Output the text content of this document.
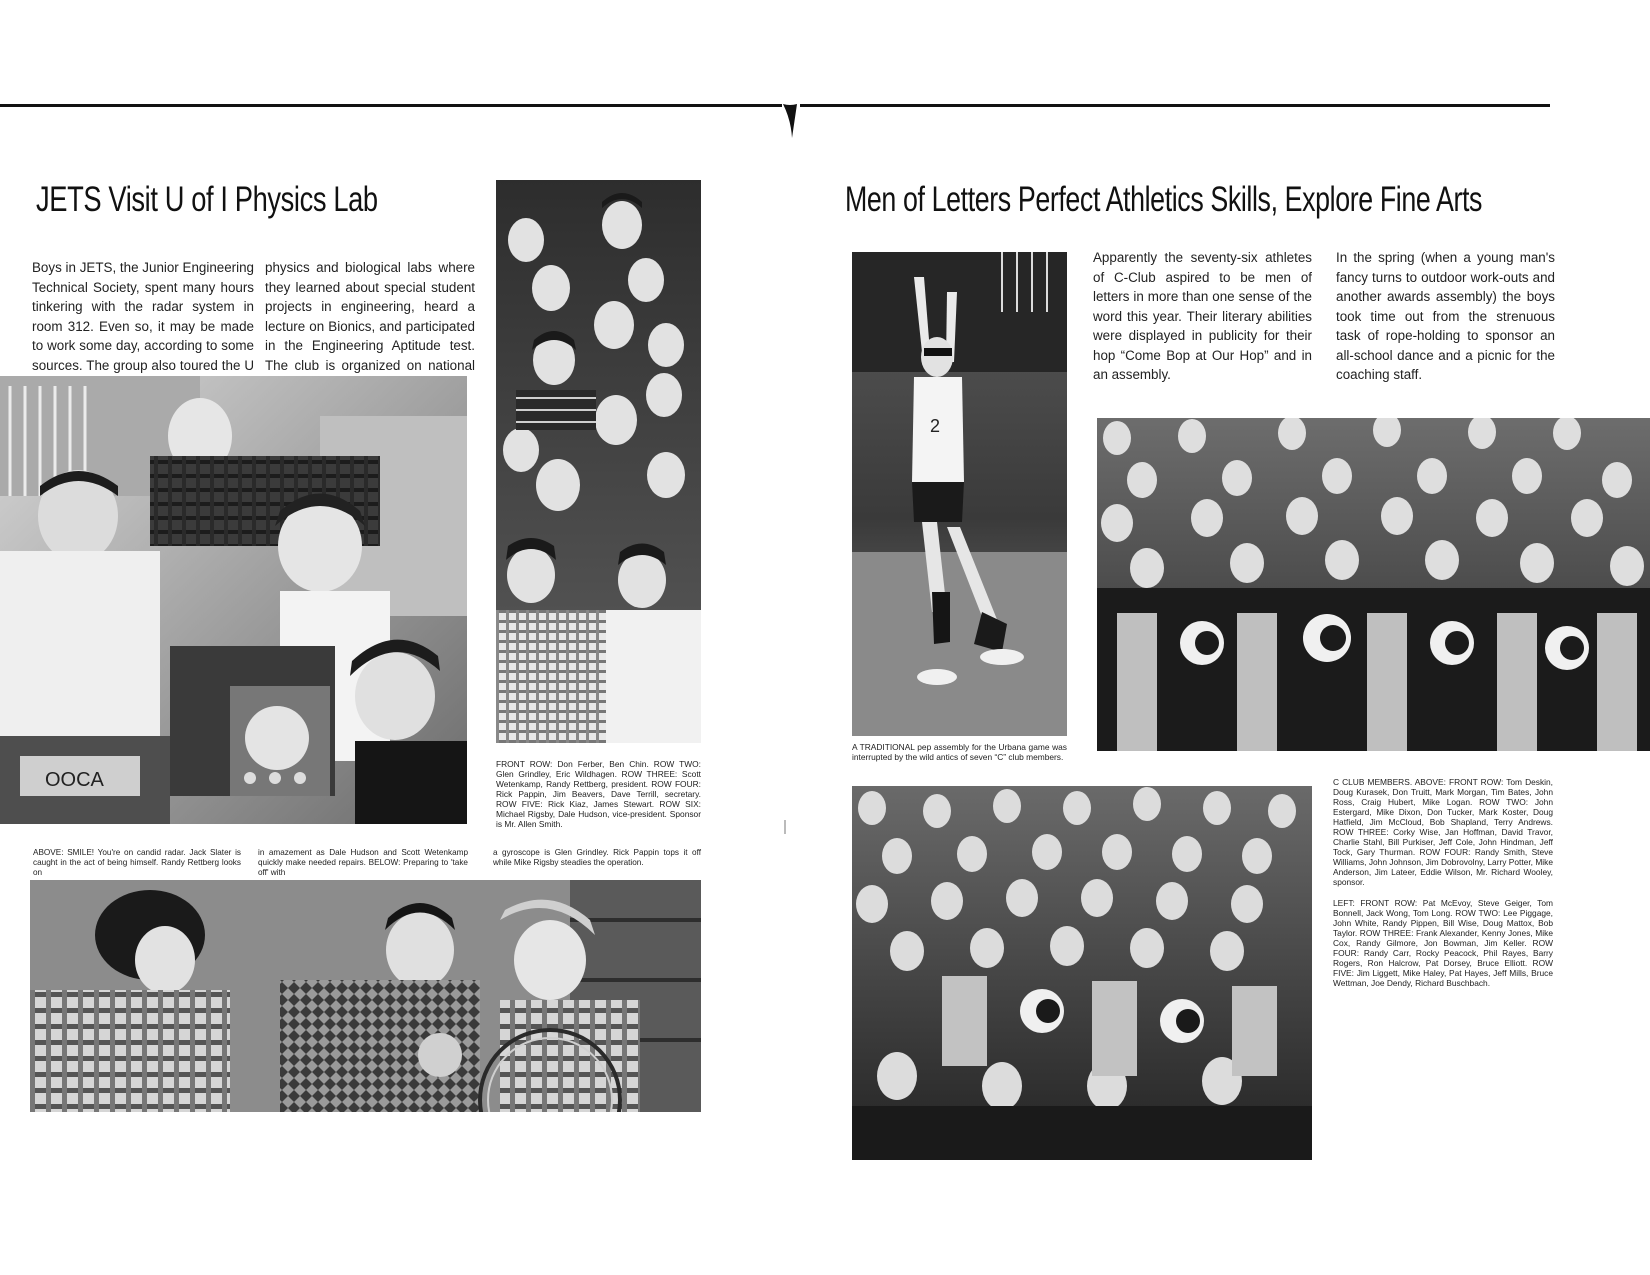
JETS Visit U of I Physics Lab

Boys in JETS, the Junior Engineering Technical Society, spent many hours tinkering with the radar system in room 312. Even so, it may be made to work some day, according to some sources. The group also toured the U

physics and biological labs where they learned about special student projects in engineering, heard a lecture on Bionics, and participated in the Engineering Aptitude test. The club is organized on national

OOCA

FRONT ROW: Don Ferber, Ben Chin. ROW TWO: Glen Grindley, Eric Wildhagen. ROW THREE: Scott Wetenkamp, Randy Rettberg, president. ROW FOUR: Rick Pappin, Jim Beavers, Dave Terrill, secretary. ROW FIVE: Rick Kiaz, James Stewart. ROW SIX: Michael Rigsby, Dale Hudson, vice-president. Sponsor is Mr. Allen Smith.

ABOVE: SMILE! You're on candid radar. Jack Slater is caught in the act of being himself. Randy Rettberg looks on

in amazement as Dale Hudson and Scott Wetenkamp quickly make needed repairs. BELOW: Preparing to 'take off' with

a gyroscope is Glen Grindley. Rick Pappin tops it off while Mike Rigsby steadies the operation.

Men of Letters Perfect Athletics Skills, Explore Fine Arts
2

A TRADITIONAL pep assembly for the Urbana game was interrupted by the wild antics of seven “C” club members.

Apparently the seventy-six athletes of C-Club aspired to be men of letters in more than one sense of the word this year. Their literary abilities were displayed in publicity for their hop “Come Bop at Our Hop” and in an assembly.

In the spring (when a young man's fancy turns to outdoor work-outs and another awards assembly) the boys took time out from the strenuous task of rope-holding to sponsor an all-school dance and a picnic for the coaching staff.

C CLUB MEMBERS. ABOVE: FRONT ROW: Tom Deskin, Doug Kurasek, Don Truitt, Mark Morgan, Tim Bates, John Ross, Craig Hubert, Mike Logan. ROW TWO: John Estergard, Mike Dixon, Don Tucker, Mark Koster, Doug Hatfield, Jim McCloud, Bob Shapland, Terry Andrews. ROW THREE: Corky Wise, Jan Hoffman, David Travor, Charlie Stahl, Bill Purkiser, Jeff Cole, John Hindman, Jeff Tock, Gary Thurman. ROW FOUR: Randy Smith, Steve Williams, John Johnson, Jim Dobrovolny, Larry Potter, Mike Anderson, Jim Lateer, Eddie Wilson, Mr. Richard Wooley, sponsor.

LEFT: FRONT ROW: Pat McEvoy, Steve Geiger, Tom Bonnell, Jack Wong, Tom Long. ROW TWO: Lee Piggage, John White, Randy Pippen, Bill Wise, Doug Mattox, Bob Taylor. ROW THREE: Frank Alexander, Kenny Jones, Mike Cox, Randy Gilmore, Jon Bowman, Jim Keller. ROW FOUR: Randy Carr, Rocky Peacock, Phil Rayes, Barry Rogers, Ron Halcrow, Pat Dorsey, Bruce Elliott. ROW FIVE: Jim Liggett, Mike Haley, Pat Hayes, Jeff Mills, Bruce Wettman, Joe Dendy, Richard Buschbach.
